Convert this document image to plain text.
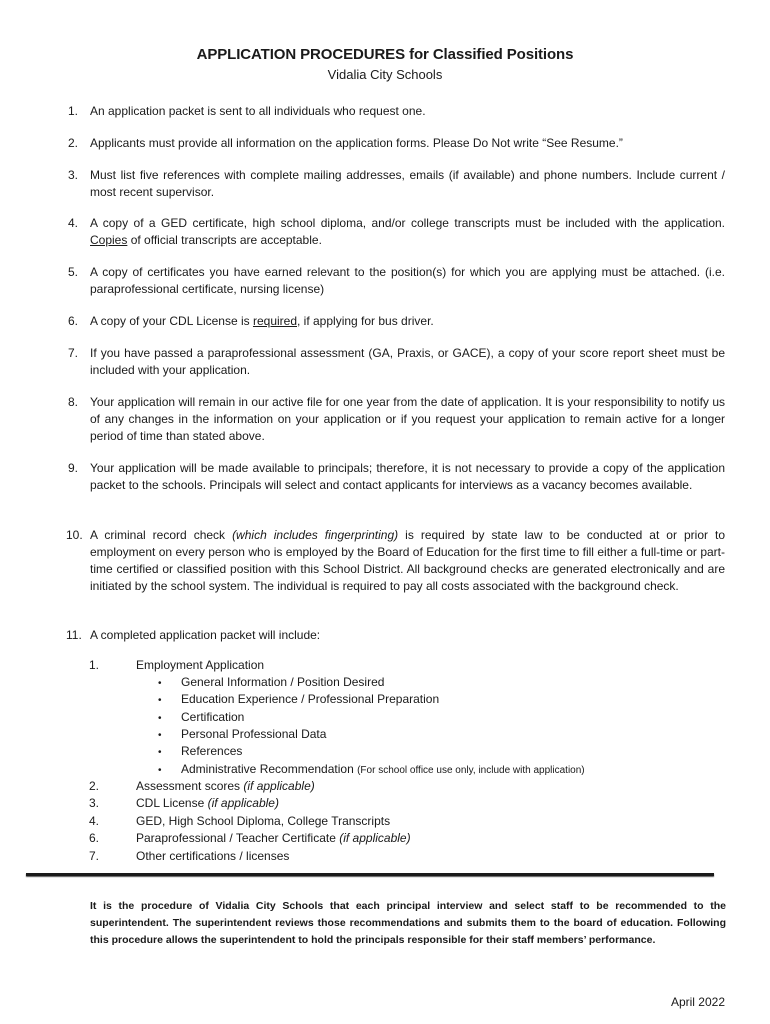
APPLICATION PROCEDURES for Classified Positions
Vidalia City Schools
1. An application packet is sent to all individuals who request one.
2. Applicants must provide all information on the application forms. Please Do Not write “See Resume.”
3. Must list five references with complete mailing addresses, emails (if available) and phone numbers. Include current / most recent supervisor.
4. A copy of a GED certificate, high school diploma, and/or college transcripts must be included with the application. Copies of official transcripts are acceptable.
5. A copy of certificates you have earned relevant to the position(s) for which you are applying must be attached. (i.e. paraprofessional certificate, nursing license)
6. A copy of your CDL License is required, if applying for bus driver.
7. If you have passed a paraprofessional assessment (GA, Praxis, or GACE), a copy of your score report sheet must be included with your application.
8. Your application will remain in our active file for one year from the date of application. It is your responsibility to notify us of any changes in the information on your application or if you request your application to remain active for a longer period of time than stated above.
9. Your application will be made available to principals; therefore, it is not necessary to provide a copy of the application packet to the schools. Principals will select and contact applicants for interviews as a vacancy becomes available.
10. A criminal record check (which includes fingerprinting) is required by state law to be conducted at or prior to employment on every person who is employed by the Board of Education for the first time to fill either a full-time or part-time certified or classified position with this School District. All background checks are generated electronically and are initiated by the school system. The individual is required to pay all costs associated with the background check.
11. A completed application packet will include:
1.	Employment Application
• General Information / Position Desired
• Education Experience / Professional Preparation
• Certification
• Personal Professional Data
• References
• Administrative Recommendation (For school office use only, include with application)
2.	Assessment scores (if applicable)
3.	CDL License (if applicable)
4.	GED, High School Diploma, College Transcripts
6.	Paraprofessional / Teacher Certificate (if applicable)
7.	Other certifications / licenses
It is the procedure of Vidalia City Schools that each principal interview and select staff to be recommended to the superintendent. The superintendent reviews those recommendations and submits them to the board of education. Following this procedure allows the superintendent to hold the principals responsible for their staff members’ performance.
April 2022
